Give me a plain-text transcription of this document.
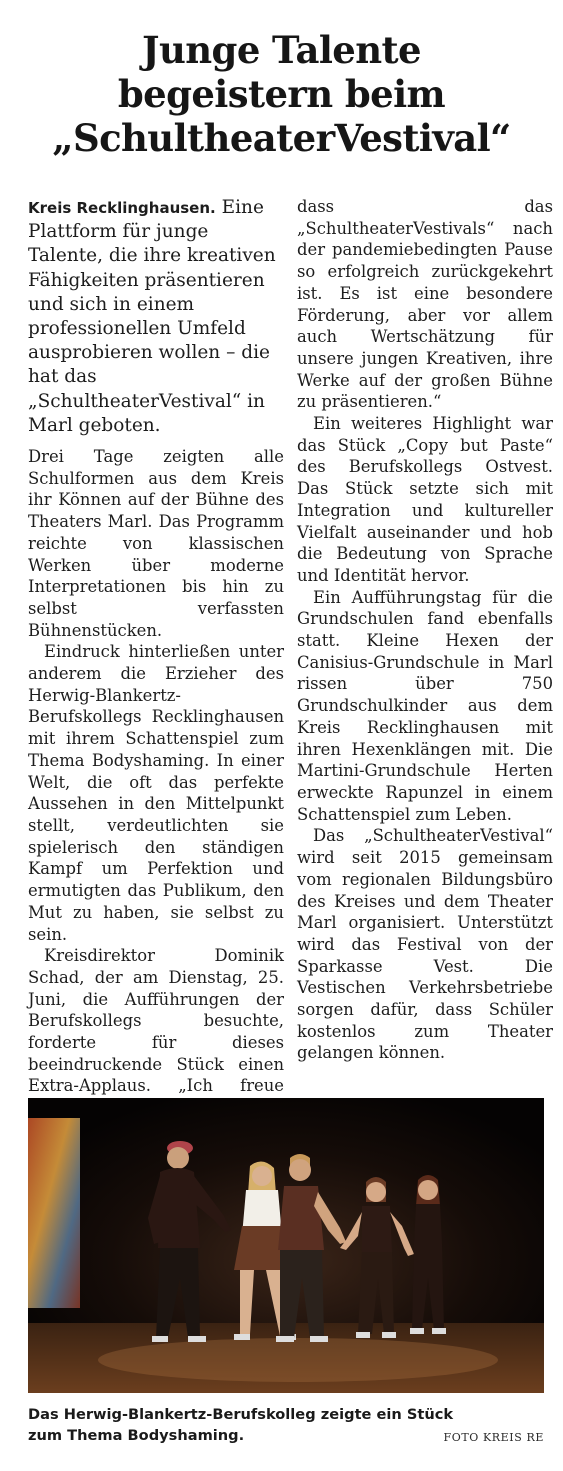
Junge Talente
begeistern beim
„SchultheaterVestival“

Kreis Recklinghausen. Eine Plattform für junge Talente, die ihre kreativen Fähigkeiten präsentieren und sich in einem professionellen Umfeld ausprobieren wollen – die hat das „SchultheaterVestival“ in Marl geboten.

Drei Tage zeigten alle Schulformen aus dem Kreis ihr Können auf der Bühne des Theaters Marl. Das Programm reichte von klassischen Werken über moderne Interpretationen bis hin zu selbst verfassten Bühnenstücken.

Eindruck hinterließen unter anderem die Erzieher des Herwig-Blankertz-Berufskollegs Recklinghausen mit ihrem Schattenspiel zum Thema Bodyshaming. In einer Welt, die oft das perfekte Aussehen in den Mittelpunkt stellt, verdeutlichten sie spielerisch den ständigen Kampf um Perfektion und ermutigten das Publikum, den Mut zu haben, sie selbst zu sein.

Kreisdirektor Dominik Schad, der am Dienstag, 25. Juni, die Aufführungen der Berufskollegs besuchte, forderte für dieses beeindruckende Stück einen Extra-Applaus. „Ich freue

dass das „SchultheaterVestivals“ nach der pandemiebedingten Pause so erfolgreich zurückgekehrt ist. Es ist eine besondere Förderung, aber vor allem auch Wertschätzung für unsere jungen Kreativen, ihre Werke auf der großen Bühne zu präsentieren.“

Ein weiteres Highlight war das Stück „Copy but Paste“ des Berufskollegs Ostvest. Das Stück setzte sich mit Integration und kultureller Vielfalt auseinander und hob die Bedeutung von Sprache und Identität hervor.

Ein Aufführungstag für die Grundschulen fand ebenfalls statt. Kleine Hexen der Canisius-Grundschule in Marl rissen über 750 Grundschulkinder aus dem Kreis Recklinghausen mit ihren Hexenklängen mit. Die Martini-Grundschule Herten erweckte Rapunzel in einem Schattenspiel zum Leben.

Das „SchultheaterVestival“ wird seit 2015 gemeinsam vom regionalen Bildungsbüro des Kreises und dem Theater Marl organisiert. Unterstützt wird das Festival von der Sparkasse Vest. Die Vestischen Verkehrsbetriebe sorgen dafür, dass Schüler kostenlos zum Theater gelangen können.

Das Herwig-Blankertz-Berufskolleg zeigte ein Stück zum Thema Bodyshaming.	FOTO KREIS RE
